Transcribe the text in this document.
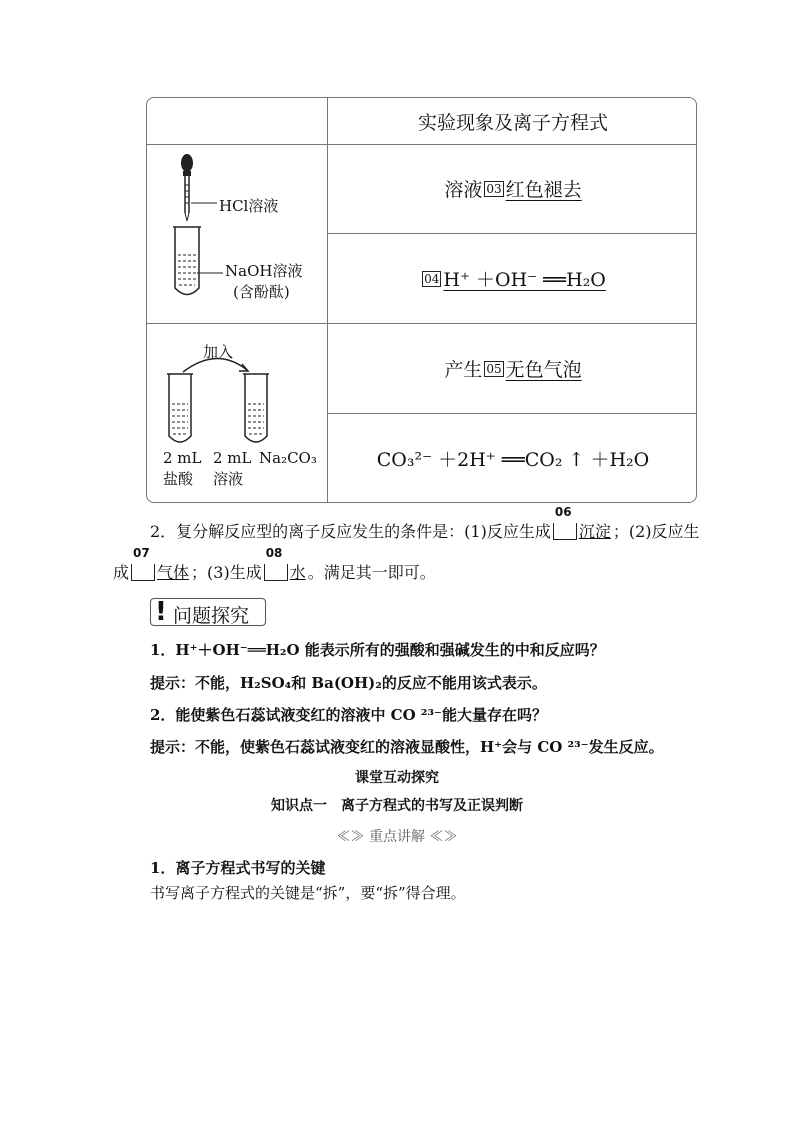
实验现象及离子方程式
溶液 03 红色褪去
04 H⁺ ＋OH⁻ ══H₂O
产生 05 无色气泡
CO₃²⁻ ＋2H⁺ ══CO₂ ↑ ＋H₂O
HCl溶液
NaOH溶液
(含酚酞)
加入
2 mL 2 mL Na₂CO₃
盐酸 溶液
2．复分解反应型的离子反应发生的条件是：(1)反应生成
06
沉淀 ；(2)反应生
成
07
气体 ；(3)生成
08
水 。满足其一即可。
! 问题探究
1．H⁺＋OH⁻══H₂O 能表示所有的强酸和强碱发生的中和反应吗？
提示：不能，H₂SO₄和 Ba(OH)₂的反应不能用该式表示。
2．能使紫色石蕊试液变红的溶液中 CO ²³⁻能大量存在吗？
提示：不能，使紫色石蕊试液变红的溶液显酸性，H⁺会与 CO ²³⁻发生反应。
课堂互动探究
知识点一　离子方程式的书写及正误判断
≪≫ 重点讲解 ≪≫
1．离子方程式书写的关键
书写离子方程式的关键是“拆”，要“拆”得合理。
